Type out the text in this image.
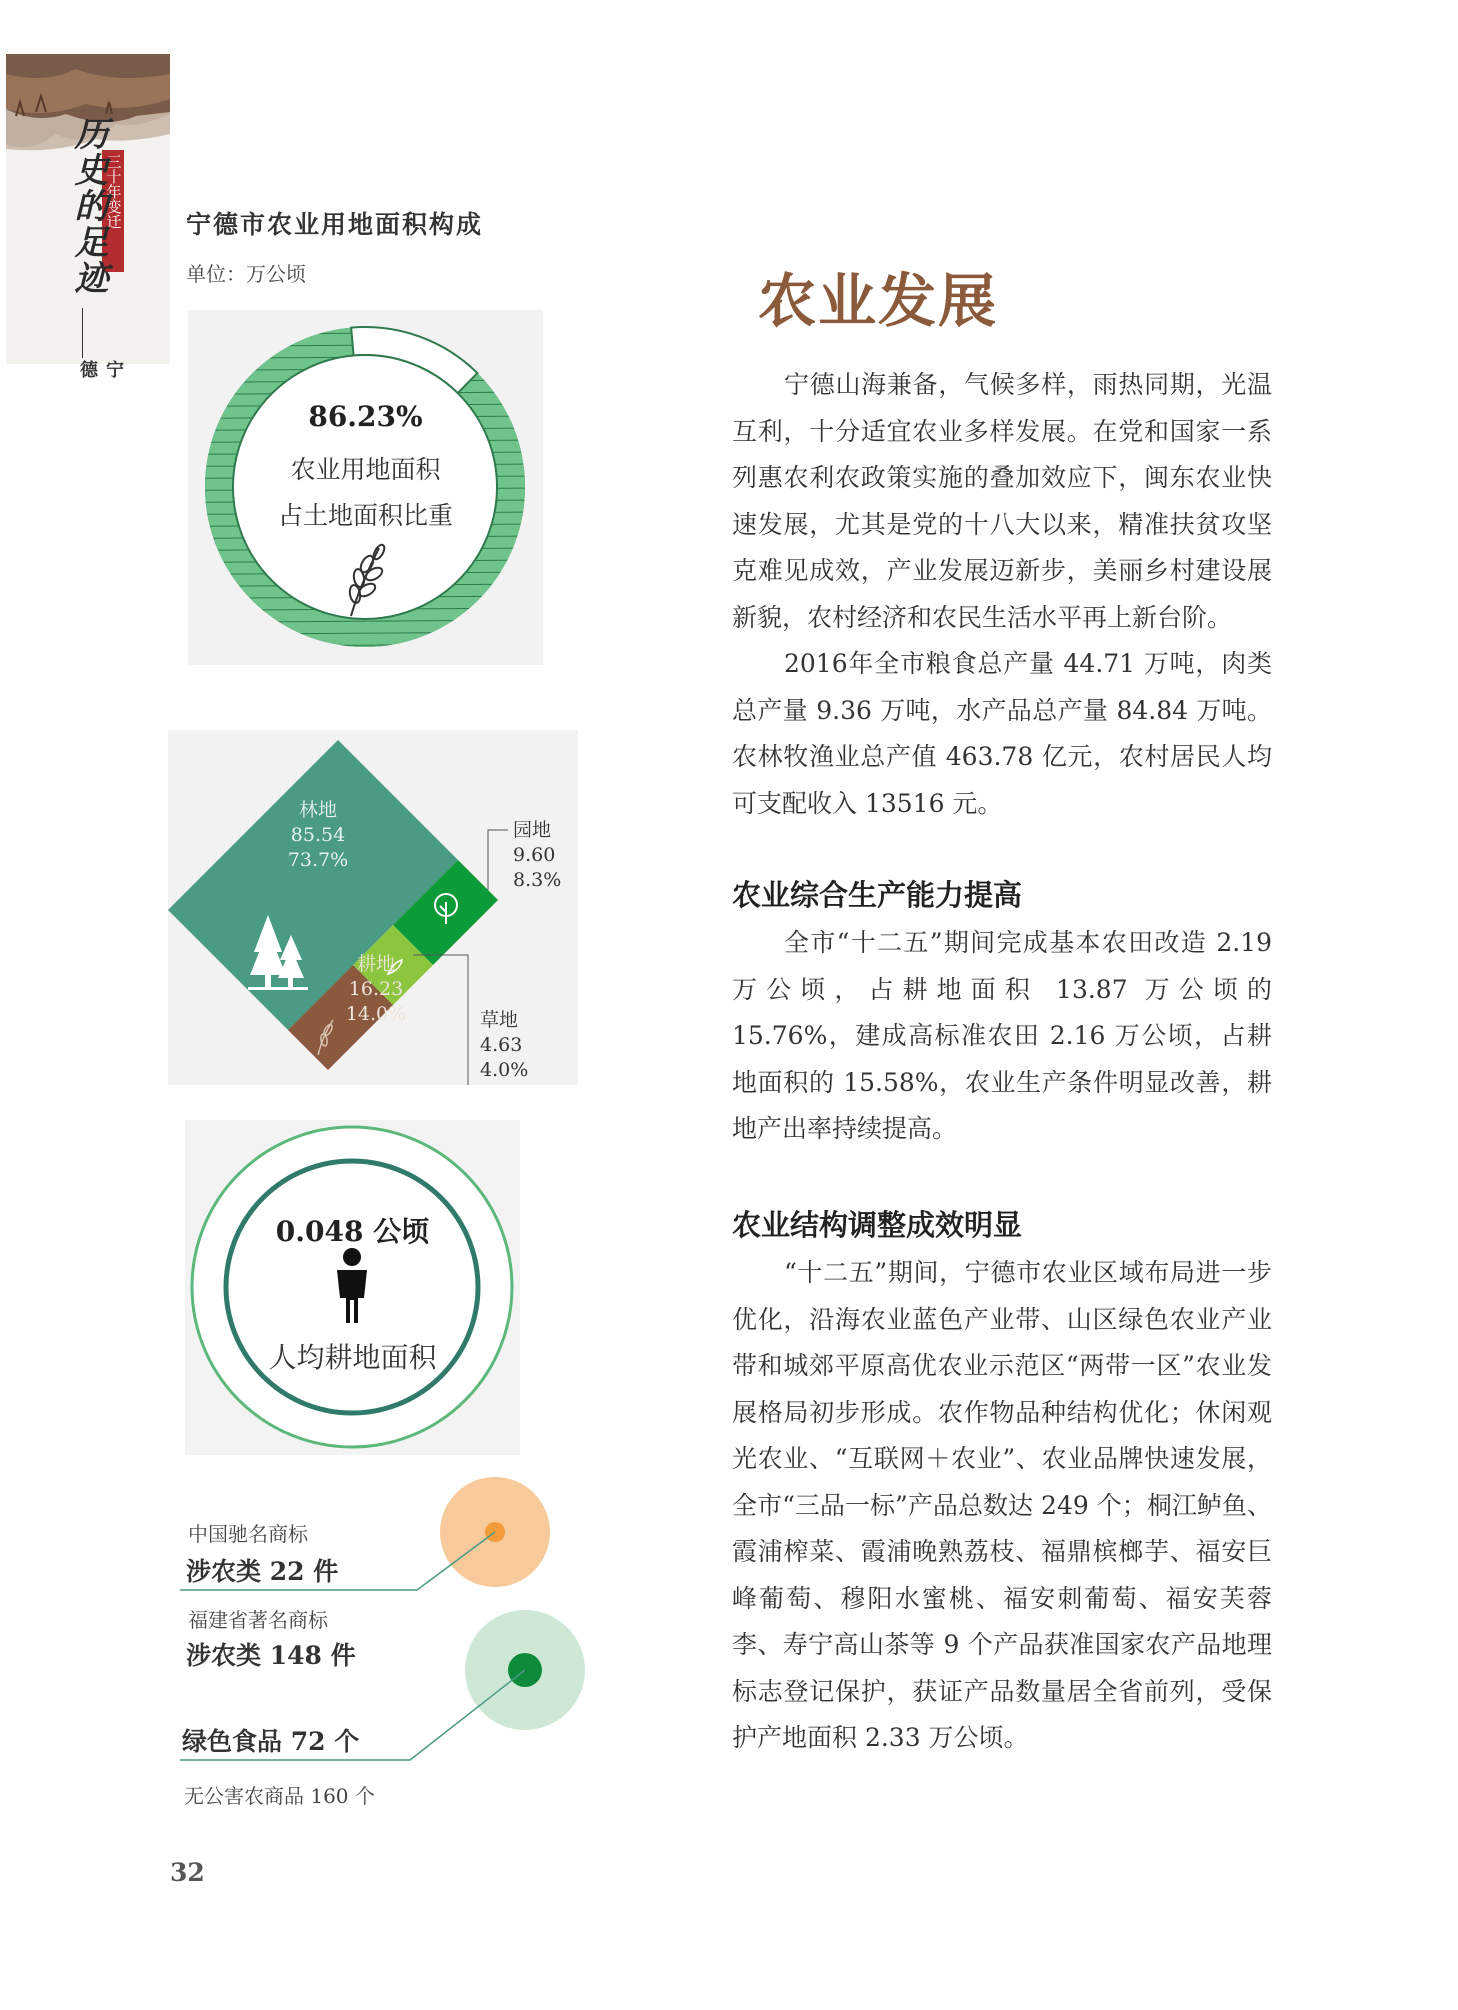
三十年变迁
历史的足迹
宁德
宁德市农业用地面积构成
单位：万公顷
86.23%
农业用地面积
占土地面积比重
林地
85.54
73.7%
园地
9.60
8.3%
耕地
16.23
14.0%	草地
4.63
4.0%
0.048 公顷
人均耕地面积
中国驰名商标
涉农类 22 件
福建省著名商标
涉农类 148 件
绿色食品 72 个
无公害农商品 160 个
32
农业发展
宁德山海兼备，气候多样，雨热同期，光温互利，十分适宜农业多样发展。在党和国家一系列惠农利农政策实施的叠加效应下，闽东农业快速发展，尤其是党的十八大以来，精准扶贫攻坚克难见成效，产业发展迈新步，美丽乡村建设展新貌，农村经济和农民生活水平再上新台阶。
2016年全市粮食总产量 44.71 万吨，肉类总产量 9.36 万吨，水产品总产量 84.84 万吨。农林牧渔业总产值 463.78 亿元，农村居民人均可支配收入 13516 元。
农业综合生产能力提高
全市“十二五”期间完成基本农田改造 2.19 万公顷，占耕地面积 13.87 万公顷的 15.76%，建成高标准农田 2.16 万公顷，占耕地面积的 15.58%，农业生产条件明显改善，耕地产出率持续提高。
农业结构调整成效明显
“十二五”期间，宁德市农业区域布局进一步优化，沿海农业蓝色产业带、山区绿色农业产业带和城郊平原高优农业示范区“两带一区”农业发展格局初步形成。农作物品种结构优化；休闲观光农业、“互联网＋农业”、农业品牌快速发展，全市“三品一标”产品总数达 249 个；桐江鲈鱼、霞浦榨菜、霞浦晚熟荔枝、福鼎槟榔芋、福安巨峰葡萄、穆阳水蜜桃、福安刺葡萄、福安芙蓉李、寿宁高山茶等 9 个产品获准国家农产品地理标志登记保护，获证产品数量居全省前列，受保护产地面积 2.33 万公顷。
